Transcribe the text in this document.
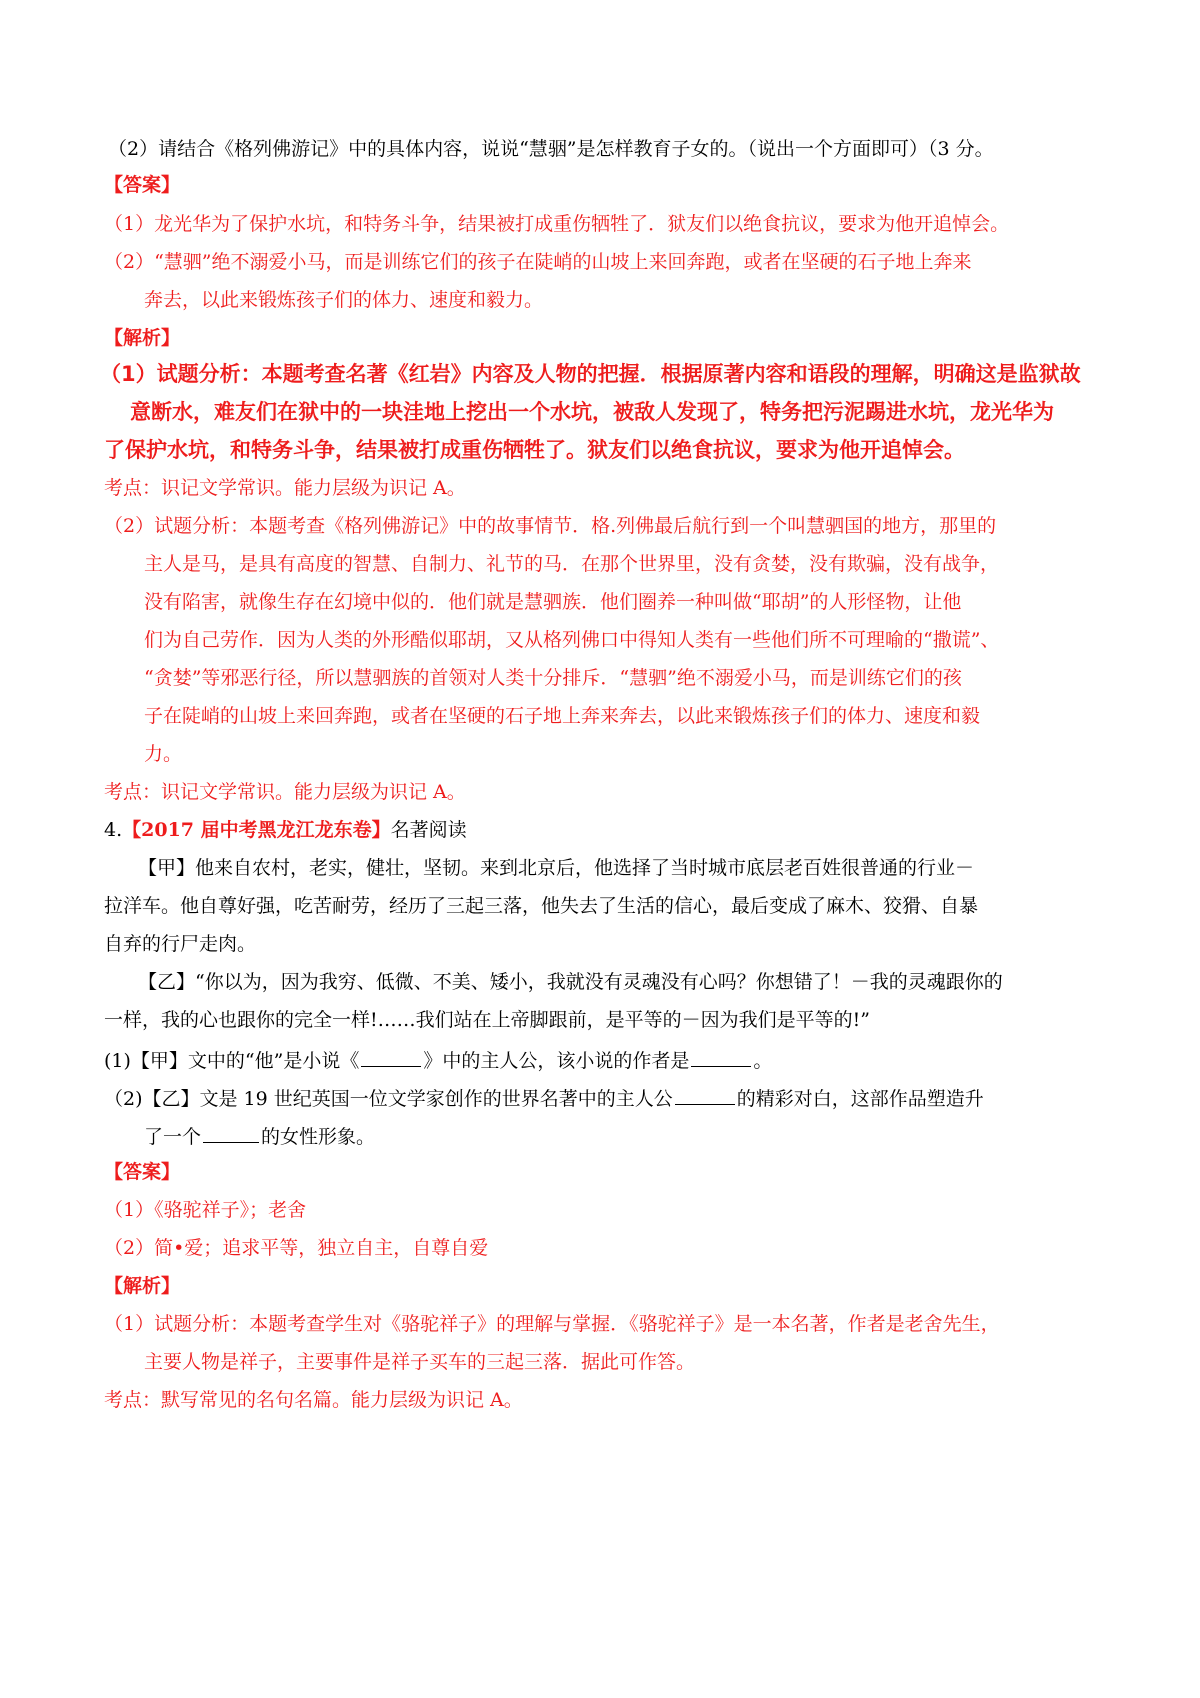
（2）请结合《格列佛游记》中的具体内容，说说“慧骃”是怎样教育子女的。（说出一个方面即可）（3 分。
【答案】
（1）龙光华为了保护水坑，和特务斗争，结果被打成重伤牺牲了．狱友们以绝食抗议，要求为他开追悼会。
（2）“慧驷”绝不溺爱小马，而是训练它们的孩子在陡峭的山坡上来回奔跑，或者在坚硬的石子地上奔来
奔去，以此来锻炼孩子们的体力、速度和毅力。
【解析】
（1）试题分析：本题考查名著《红岩》内容及人物的把握．根据原著内容和语段的理解，明确这是监狱故
意断水，难友们在狱中的一块洼地上挖出一个水坑，被敌人发现了，特务把污泥踢进水坑，龙光华为
了保护水坑，和特务斗争，结果被打成重伤牺牲了。狱友们以绝食抗议，要求为他开追悼会。
考点：识记文学常识。能力层级为识记 A。
（2）试题分析：本题考查《格列佛游记》中的故事情节．格.列佛最后航行到一个叫慧驷国的地方，那里的
主人是马，是具有高度的智慧、自制力、礼节的马．在那个世界里，没有贪婪，没有欺骗，没有战争，
没有陷害，就像生存在幻境中似的．他们就是慧驷族．他们圈养一种叫做“耶胡”的人形怪物，让他
们为自己劳作．因为人类的外形酷似耶胡，又从格列佛口中得知人类有一些他们所不可理喻的“撒谎”、
“贪婪”等邪恶行径，所以慧驷族的首领对人类十分排斥．“慧驷”绝不溺爱小马，而是训练它们的孩
子在陡峭的山坡上来回奔跑，或者在坚硬的石子地上奔来奔去，以此来锻炼孩子们的体力、速度和毅
力。
考点：识记文学常识。能力层级为识记 A。
4.【2017 届中考黑龙江龙东卷】名著阅读
【甲】他来自农村，老实，健壮，坚韧。来到北京后，他选择了当时城市底层老百姓很普通的行业－
拉洋车。他自尊好强，吃苦耐劳，经历了三起三落，他失去了生活的信心，最后变成了麻木、狡猾、自暴
自弃的行尸走肉。
【乙】“你以为，因为我穷、低微、不美、矮小，我就没有灵魂没有心吗？你想错了！－我的灵魂跟你的
一样，我的心也跟你的完全一样!……我们站在上帝脚跟前，是平等的－因为我们是平等的!”
(1)【甲】文中的“他”是小说《	》中的主人公，该小说的作者是	。
（2)【乙】文是 19 世纪英国一位文学家创作的世界名著中的主人公	的精彩对白，这部作品塑造升
了一个	的女性形象。
【答案】
（1）《骆驼祥子》；老舍
（2）简•爱；追求平等，独立自主，自尊自爱
【解析】
（1）试题分析：本题考查学生对《骆驼祥子》的理解与掌握．《骆驼祥子》是一本名著，作者是老舍先生，
主要人物是祥子，主要事件是祥子买车的三起三落．据此可作答。
考点：默写常见的名句名篇。能力层级为识记 A。
